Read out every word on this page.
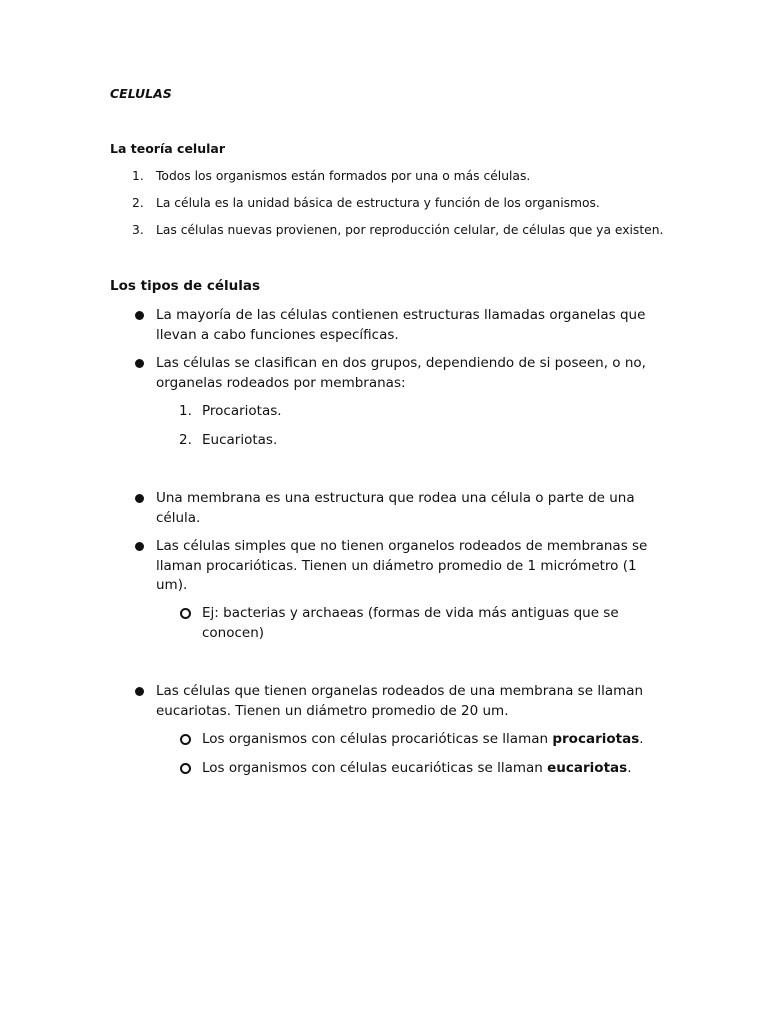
CELULAS

La teoría celular

1. Todos los organismos están formados por una o más células.
2. La célula es la unidad básica de estructura y función de los organismos.
3. Las células nuevas provienen, por reproducción celular, de células que ya existen.

Los tipos de células

La mayoría de las células contienen estructuras llamadas organelas que llevan a cabo funciones específicas.
Las células se clasifican en dos grupos, dependiendo de si poseen, o no, organelas rodeados por membranas:
1. Procariotas.
2. Eucariotas.
Una membrana es una estructura que rodea una célula o parte de una célula.
Las células simples que no tienen organelos rodeados de membranas se llaman procarióticas. Tienen un diámetro promedio de 1 micrómetro (1 um).
Ej: bacterias y archaeas (formas de vida más antiguas que se conocen)
Las células que tienen organelas rodeados de una membrana se llaman eucariotas. Tienen un diámetro promedio de 20 um.
Los organismos con células procarióticas se llaman procariotas.
Los organismos con células eucarióticas se llaman eucariotas.
